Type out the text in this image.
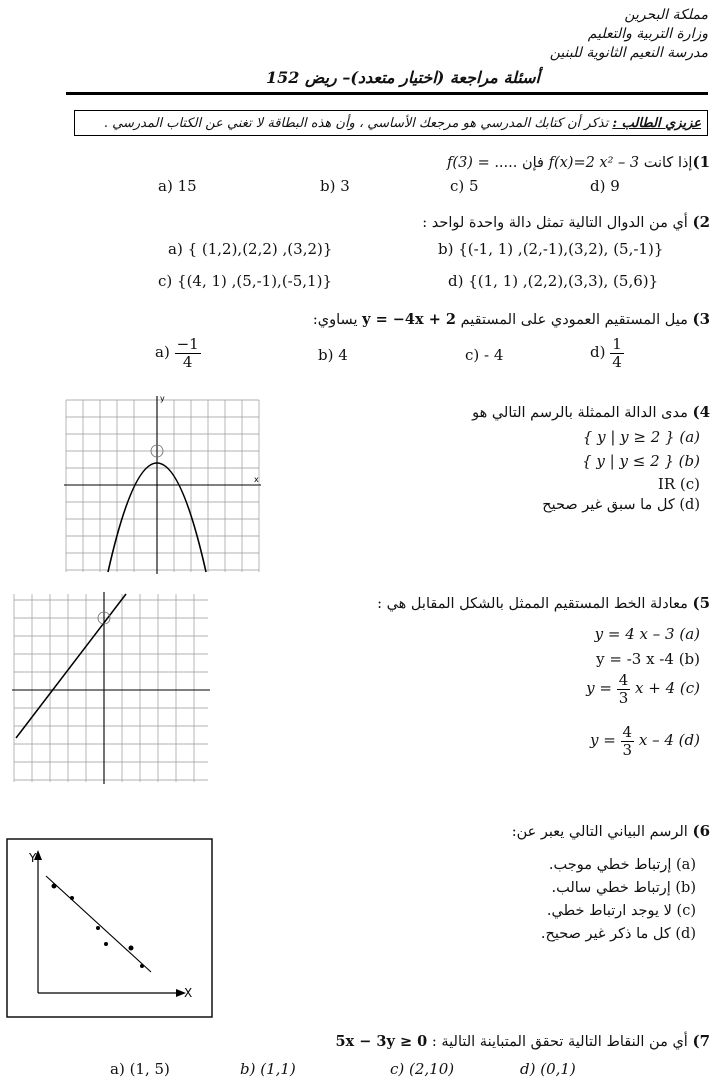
مملكة البحرين
وزارة التربية والتعليم
مدرسة النعيم الثانوية للبنين
أسئلة مراجعة (اختيار متعدد)– ريض 152
عزيزي الطالب : تذكر أن كتابك المدرسي هو مرجعك الأساسي ، وأن هذه البطاقة لا تغني عن الكتاب المدرسي .
1)إذا كانت f(x)=2 x² – 3 فإن ..... = f(3)
a) 15	b) 3	c) 5	d) 9
2) أي من الدوال التالية تمثل دالة واحدة لواحد :
a) { (1,2),(2,2) ,(3,2)}	b) {(-1, 1) ,(2,-1),(3,2), (5,-1)}
c) {(4, 1) ,(5,-1),(-5,1)}	d) {(1, 1) ,(2,2),(3,3), (5,6)}
3) ميل المستقيم العمودي على المستقيم y = −4x + 2 يساوي:
$a) \frac{-1}{4}$	b) 4	c) - 4	$d) \frac{1}{4}$
4) مدى الدالة الممثلة بالرسم التالي هو
{ y | y ≥ 2 } (a)
{ y | y ≤ 2 } (b)
IR (c)
(d) كل ما سبق غير صحيح
x
y
5) معادلة الخط المستقيم الممثل بالشكل المقابل هي :
y = 4 x – 3 (a)
y = -3 x -4 (b)
$y = \frac{4}{3}$ x + 4 (c)
$y = \frac{4}{3}$ x – 4 (d)
6) الرسم البياني التالي يعبر عن:
(a) إرتباط خطي موجب.
(b) إرتباط خطي سالب.
(c) لا يوجد ارتباط خطي.
(d) كل ما ذكر غير صحيح.
Y
X
7) أي من النقاط التالية تحقق المتباينة التالية : 5x − 3y ≥ 0
a) (1, 5)	b) (1,1)	c) (2,10)	d) (0,1)
